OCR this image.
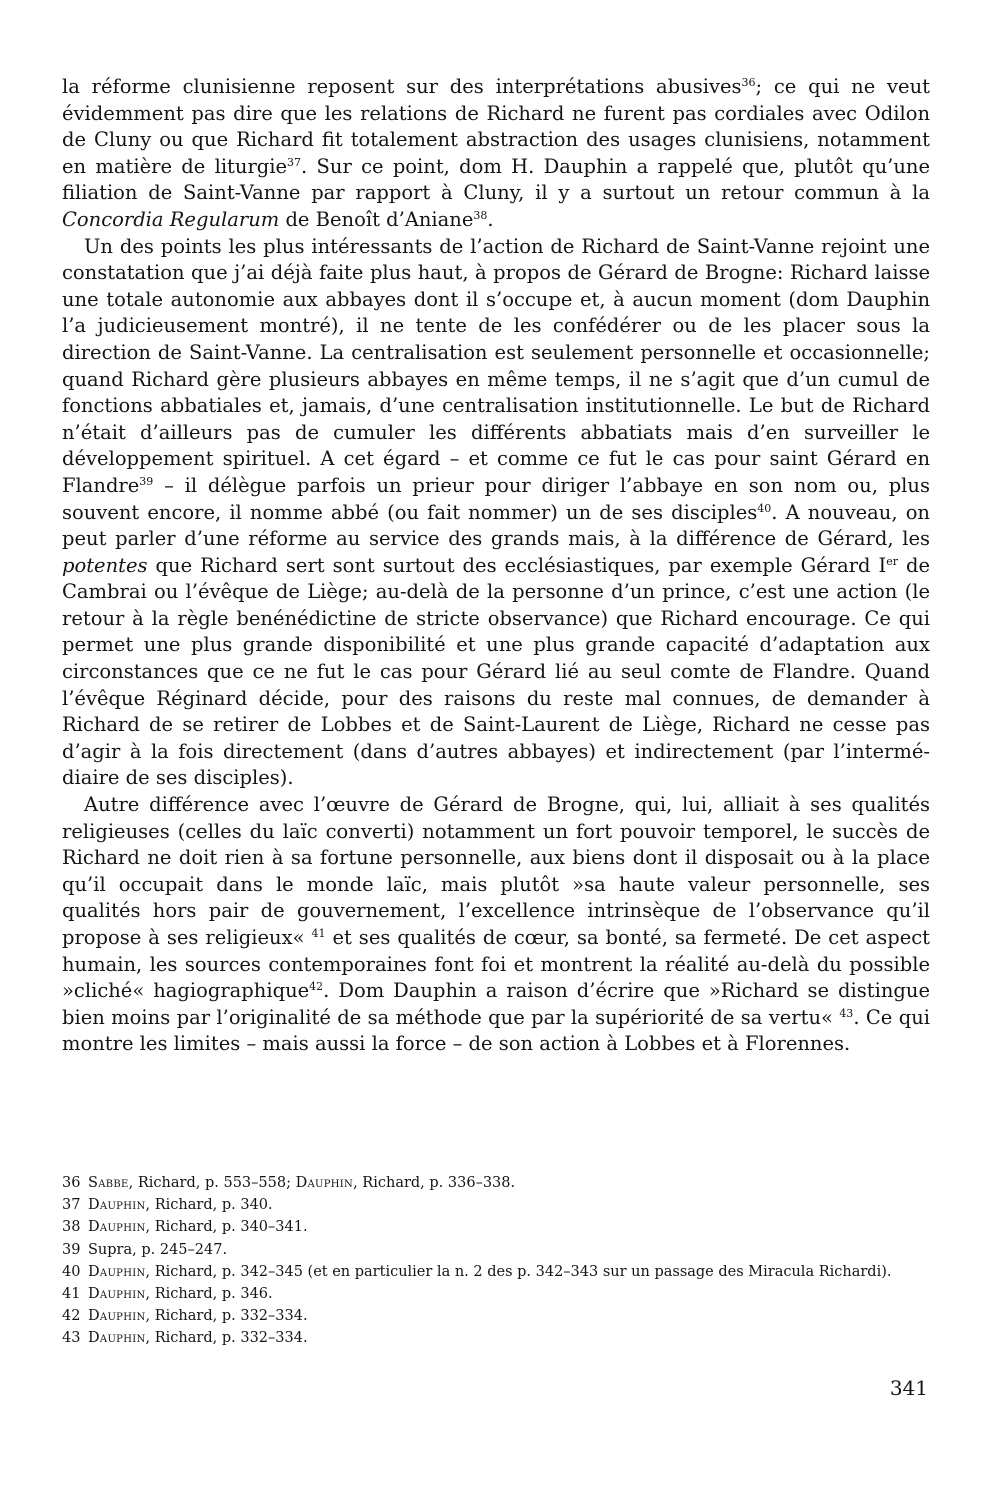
la réforme clunisienne reposent sur des interprétations abusives$^{36}$; ce qui ne veut évidemment pas dire que les relations de Richard ne furent pas cordiales avec Odilon de Cluny ou que Richard fit totalement abstraction des usages clunisiens, notamment en matière de liturgie$^{37}$. Sur ce point, dom H. Dauphin a rappelé que, plutôt qu’une filiation de Saint-Vanne par rapport à Cluny, il y a surtout un retour commun à la Concordia Regularum de Benoît d’Aniane$^{38}$.

Un des points les plus intéressants de l’action de Richard de Saint-Vanne rejoint une constatation que j’ai déjà faite plus haut, à propos de Gérard de Brogne: Richard laisse une totale autonomie aux abbayes dont il s’occupe et, à aucun moment (dom Dauphin l’a judicieusement montré), il ne tente de les confédérer ou de les placer sous la direction de Saint-Vanne. La centralisation est seulement personnelle et occasionnelle; quand Richard gère plusieurs abbayes en même temps, il ne s’agit que d’un cumul de fonctions abbatiales et, jamais, d’une centralisation institutionnelle. Le but de Richard n’était d’ailleurs pas de cumuler les différents abbatiats mais d’en surveiller le développement spirituel. A cet égard – et comme ce fut le cas pour saint Gérard en Flandre$^{39}$ – il délègue parfois un prieur pour diriger l’abbaye en son nom ou, plus souvent encore, il nomme abbé (ou fait nommer) un de ses disciples$^{40}$. A nouveau, on peut parler d’une réforme au service des grands mais, à la différence de Gérard, les potentes que Richard sert sont surtout des ecclésiastiques, par exemple Gérard Ier de Cambrai ou l’évêque de Liège; au-delà de la personne d’un prince, c’est une action (le retour à la règle benénédictine de stricte observance) que Richard encourage. Ce qui permet une plus grande disponibilité et une plus grande capacité d’adaptation aux circonstances que ce ne fut le cas pour Gérard lié au seul comte de Flandre. Quand l’évêque Réginard décide, pour des raisons du reste mal connues, de demander à Richard de se retirer de Lobbes et de Saint-Laurent de Liège, Richard ne cesse pas d’agir à la fois directement (dans d’autres abbayes) et indirectement (par l’intermédiaire de ses disciples).

Autre différence avec l’œuvre de Gérard de Brogne, qui, lui, alliait à ses qualités religieuses (celles du laïc converti) notamment un fort pouvoir temporel, le succès de Richard ne doit rien à sa fortune personnelle, aux biens dont il disposait ou à la place qu’il occupait dans le monde laïc, mais plutôt »sa haute valeur personnelle, ses qualités hors pair de gouvernement, l’excellence intrinsèque de l’observance qu’il propose à ses religieux« $^{41}$ et ses qualités de cœur, sa bonté, sa fermeté. De cet aspect humain, les sources contemporaines font foi et montrent la réalité au-delà du possible »cliché« hagiographique$^{42}$. Dom Dauphin a raison d’écrire que »Richard se distingue bien moins par l’originalité de sa méthode que par la supériorité de sa vertu« $^{43}$. Ce qui montre les limites – mais aussi la force – de son action à Lobbes et à Florennes.

36 Sabbe, Richard, p. 553–558; Dauphin, Richard, p. 336–338.
37 Dauphin, Richard, p. 340.
38 Dauphin, Richard, p. 340–341.
39 Supra, p. 245–247.
40 Dauphin, Richard, p. 342–345 (et en particulier la n. 2 des p. 342–343 sur un passage des Miracula Richardi).
41 Dauphin, Richard, p. 346.
42 Dauphin, Richard, p. 332–334.
43 Dauphin, Richard, p. 332–334.
341
